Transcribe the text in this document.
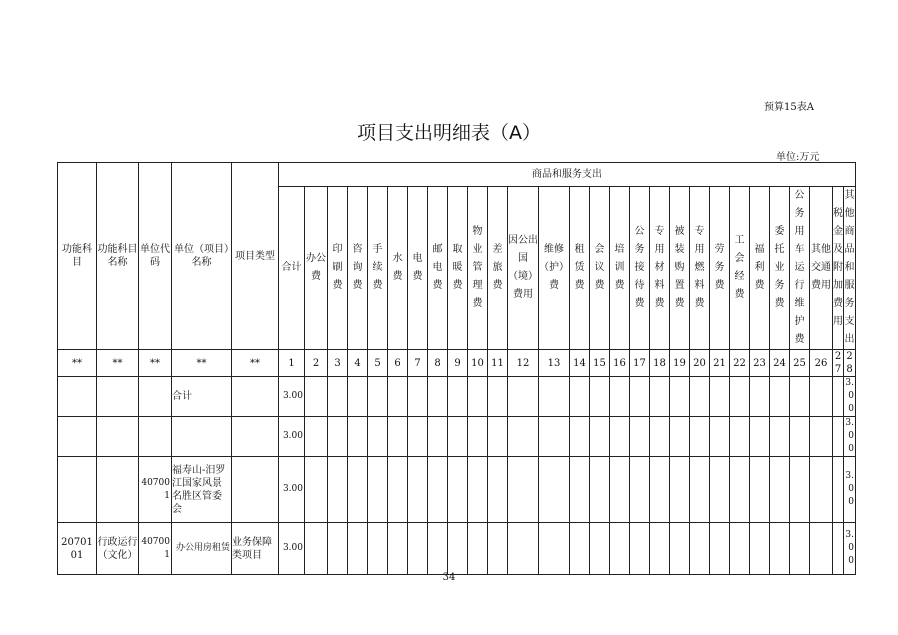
预算15表A
项目支出明细表（A）
单位:万元
功能科目	功能科目名称	单位代码	单位（项目）名称	项目类型	商品和服务支出																											
					合计	办公费	印刷费	咨询费	手续费	水费	电费	邮电费	取暖费	物业管理费	差旅费	因公出国（境）费用	维修（护）费	租赁费	会议费	培训费	公务接待费	专用材料费	被装购置费	专用燃料费	劳务费	工会经费	福利费	委托业务费	公务用车运行维护费	其他交通费用	税金及附加费用	其他商品和服务支出
**	**	**	**	**	1	2	3	4	5	6	7	8	9	10	11	12	13	14	15	16	17	18	19	20	21	22	23	24	25	26	27	28
			合计		3.00																											3.00
					3.00																											3.00
		407001	福寿山-汨罗江国家风景名胜区管委会		3.00																											3.00
2070101	行政运行（文化）	407001	办公用房租赁	业务保障类项目	3.00																											3.00
34
